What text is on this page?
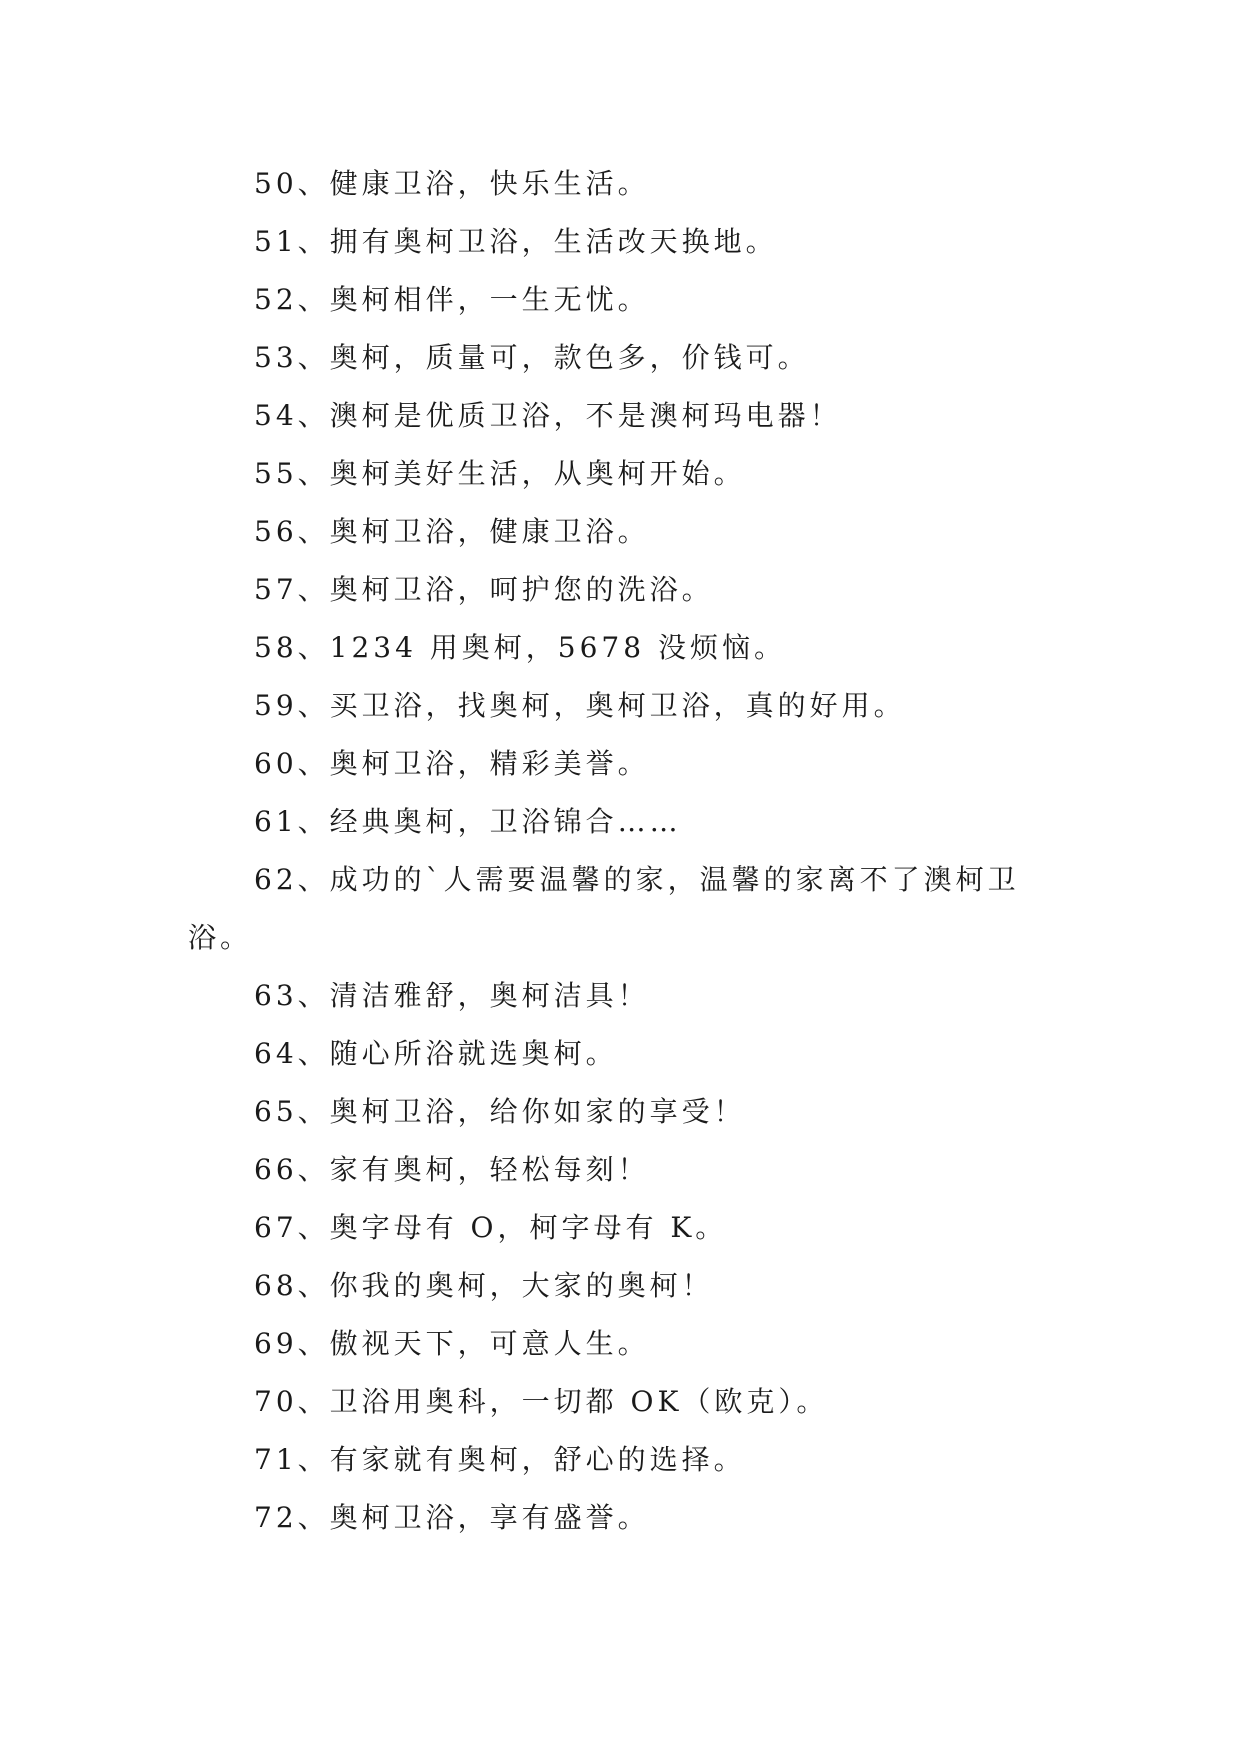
50、健康卫浴，快乐生活。

51、拥有奥柯卫浴，生活改天换地。

52、奥柯相伴，一生无忧。

53、奥柯，质量可，款色多，价钱可。

54、澳柯是优质卫浴，不是澳柯玛电器！

55、奥柯美好生活，从奥柯开始。

56、奥柯卫浴，健康卫浴。

57、奥柯卫浴，呵护您的洗浴。

58、1234 用奥柯，5678 没烦恼。

59、买卫浴，找奥柯，奥柯卫浴，真的好用。

60、奥柯卫浴，精彩美誉。

61、经典奥柯，卫浴锦合……

62、成功的`人需要温馨的家，温馨的家离不了澳柯卫浴。

63、清洁雅舒，奥柯洁具！

64、随心所浴就选奥柯。

65、奥柯卫浴，给你如家的享受！

66、家有奥柯，轻松每刻！

67、奥字母有 O，柯字母有 K。

68、你我的奥柯，大家的奥柯！

69、傲视天下，可意人生。

70、卫浴用奥科，一切都 OK（欧克）。

71、有家就有奥柯，舒心的选择。

72、奥柯卫浴，享有盛誉。
